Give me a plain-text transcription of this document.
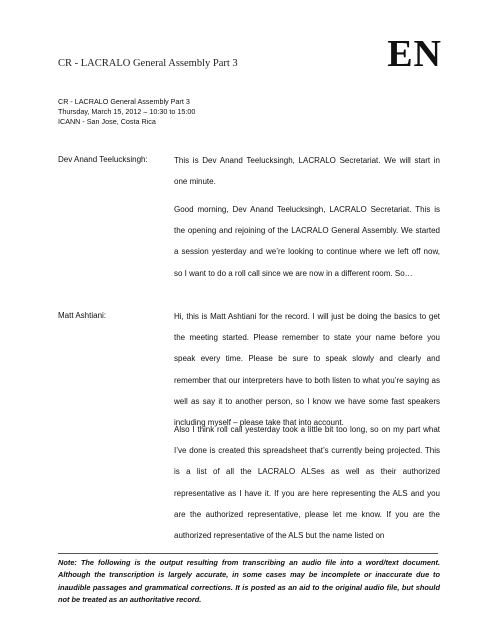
CR - LACRALO General Assembly Part 3	EN
CR - LACRALO General Assembly Part 3
Thursday, March 15, 2012 – 10:30 to 15:00
ICANN - San Jose, Costa Rica
Dev Anand Teelucksingh:	This is Dev Anand Teelucksingh, LACRALO Secretariat. We will start in one minute.
Good morning, Dev Anand Teelucksingh, LACRALO Secretariat. This is the opening and rejoining of the LACRALO General Assembly. We started a session yesterday and we’re looking to continue where we left off now, so I want to do a roll call since we are now in a different room. So…
Matt Ashtiani:	Hi, this is Matt Ashtiani for the record. I will just be doing the basics to get the meeting started. Please remember to state your name before you speak every time. Please be sure to speak slowly and clearly and remember that our interpreters have to both listen to what you’re saying as well as say it to another person, so I know we have some fast speakers including myself – please take that into account.
Also I think roll call yesterday took a little bit too long, so on my part what I’ve done is created this spreadsheet that’s currently being projected. This is a list of all the LACRALO ALSes as well as their authorized representative as I have it. If you are here representing the ALS and you are the authorized representative, please let me know. If you are the authorized representative of the ALS but the name listed on
Note: The following is the output resulting from transcribing an audio file into a word/text document. Although the transcription is largely accurate, in some cases may be incomplete or inaccurate due to inaudible passages and grammatical corrections. It is posted as an aid to the original audio file, but should not be treated as an authoritative record.
